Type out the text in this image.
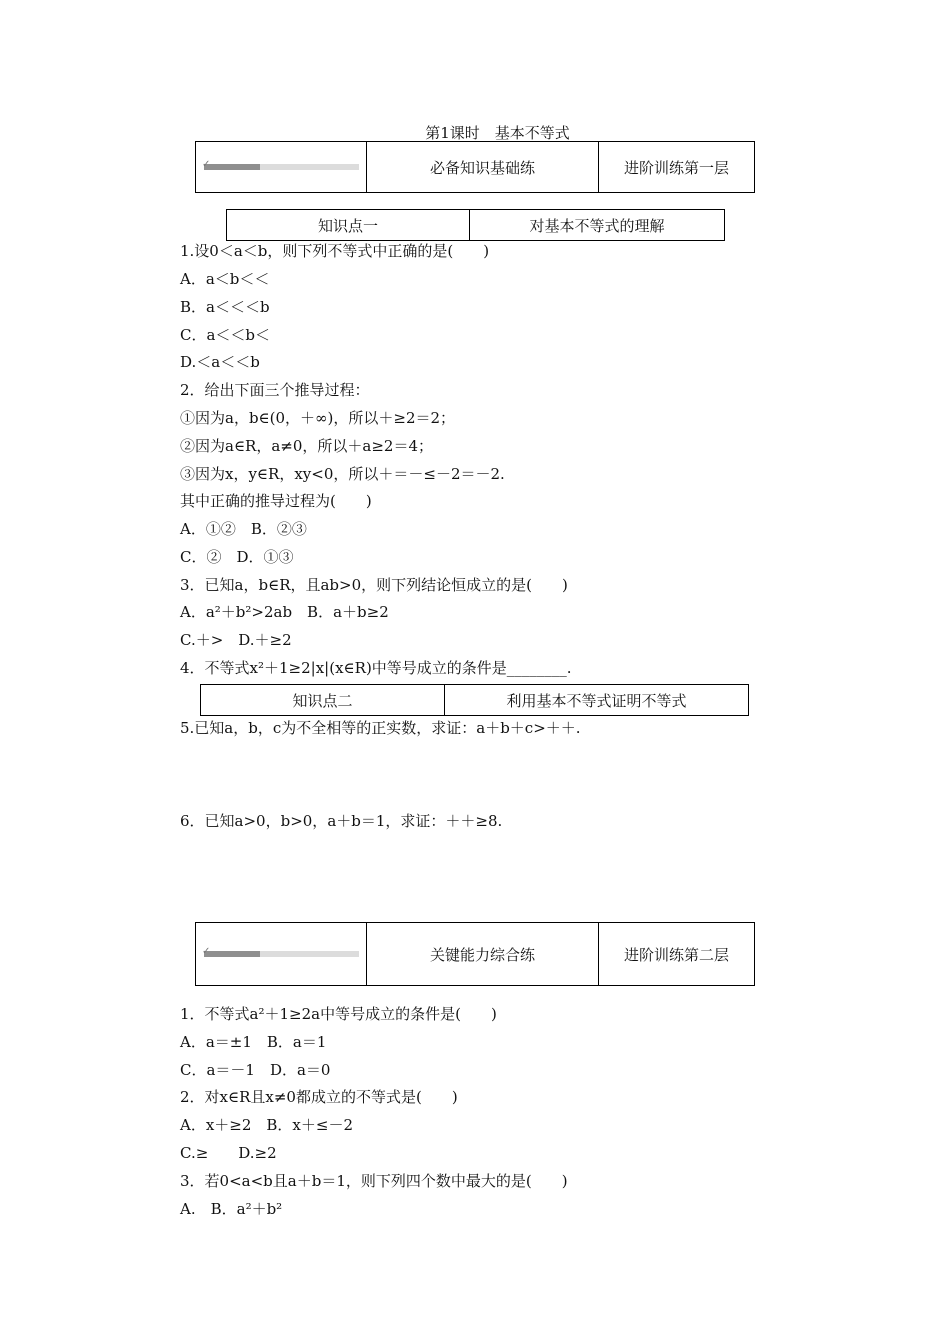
第1课时　基本不等式
✓	必备知识基础练	进阶训练第一层
知识点一	对基本不等式的理解
1.设0＜a＜b，则下列不等式中正确的是(　　)
A．a＜b＜＜
B．a＜＜＜b
C．a＜＜b＜
D.＜a＜＜b
2．给出下面三个推导过程：
①因为a，b∈(0，＋∞)，所以＋≥2＝2；
②因为a∈R，a≠0，所以＋a≥2＝4；
③因为x，y∈R，xy<0，所以＋＝－≤－2＝－2.
其中正确的推导过程为(　　)
A．①②　B．②③
C．②　D．①③
3．已知a，b∈R，且ab>0，则下列结论恒成立的是(　　)
A．a²＋b²>2ab　B．a＋b≥2
C.＋>　D.＋≥2
4．不等式x²＋1≥2|x|(x∈R)中等号成立的条件是________.
知识点二	利用基本不等式证明不等式
5.已知a，b，c为不全相等的正实数，求证：a＋b＋c>＋＋.
6．已知a>0，b>0，a＋b＝1，求证：＋＋≥8.
✓	关键能力综合练	进阶训练第二层
1．不等式a²＋1≥2a中等号成立的条件是(　　)
A．a＝±1　B．a＝1
C．a＝－1　D．a＝0
2．对x∈R且x≠0都成立的不等式是(　　)
A．x＋≥2　B．x＋≤－2
C.≥　　D.≥2
3．若0<a<b且a＋b＝1，则下列四个数中最大的是(　　)
A.　B．a²＋b²
